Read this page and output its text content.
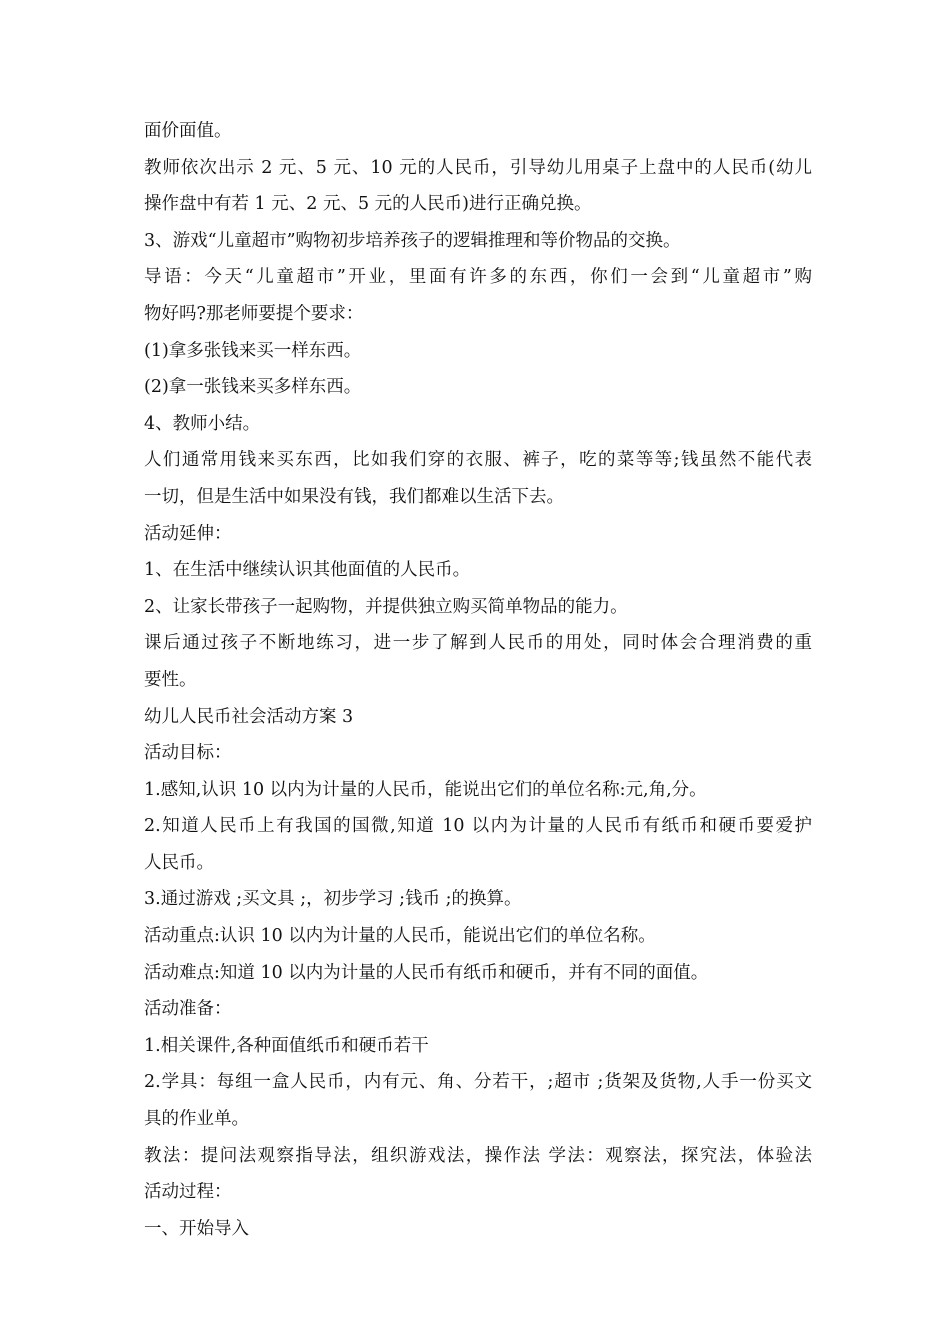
面价面值。

教师依次出示 2 元、5 元、10 元的人民币，引导幼儿用桌子上盘中的人民币(幼儿

操作盘中有若 1 元、2 元、5 元的人民币)进行正确兑换。

3、游戏“儿童超市”购物初步培养孩子的逻辑推理和等价物品的交换。

导语：今天“儿童超市”开业，里面有许多的东西，你们一会到“儿童超市”购

物好吗?那老师要提个要求：

(1)拿多张钱来买一样东西。

(2)拿一张钱来买多样东西。

4、教师小结。

人们通常用钱来买东西，比如我们穿的衣服、裤子，吃的菜等等;钱虽然不能代表

一切，但是生活中如果没有钱，我们都难以生活下去。

活动延伸：

1、在生活中继续认识其他面值的人民币。

2、让家长带孩子一起购物，并提供独立购买简单物品的能力。

课后通过孩子不断地练习，进一步了解到人民币的用处，同时体会合理消费的重

要性。

幼儿人民币社会活动方案 3

活动目标：

1.感知,认识 10 以内为计量的人民币，能说出它们的单位名称:元,角,分。

2.知道人民币上有我国的国微,知道 10 以内为计量的人民币有纸币和硬币要爱护

人民币。

3.通过游戏 ;买文具 ;，初步学习 ;钱币 ;的换算。

活动重点:认识 10 以内为计量的人民币，能说出它们的单位名称。

活动难点:知道 10 以内为计量的人民币有纸币和硬币，并有不同的面值。

活动准备：

1.相关课件,各种面值纸币和硬币若干

2.学具：每组一盒人民币，内有元、角、分若干，;超市 ;货架及货物,人手一份买文

具的作业单。

教法：提问法观察指导法，组织游戏法，操作法 学法：观察法，探究法，体验法

活动过程：

一、开始导入
